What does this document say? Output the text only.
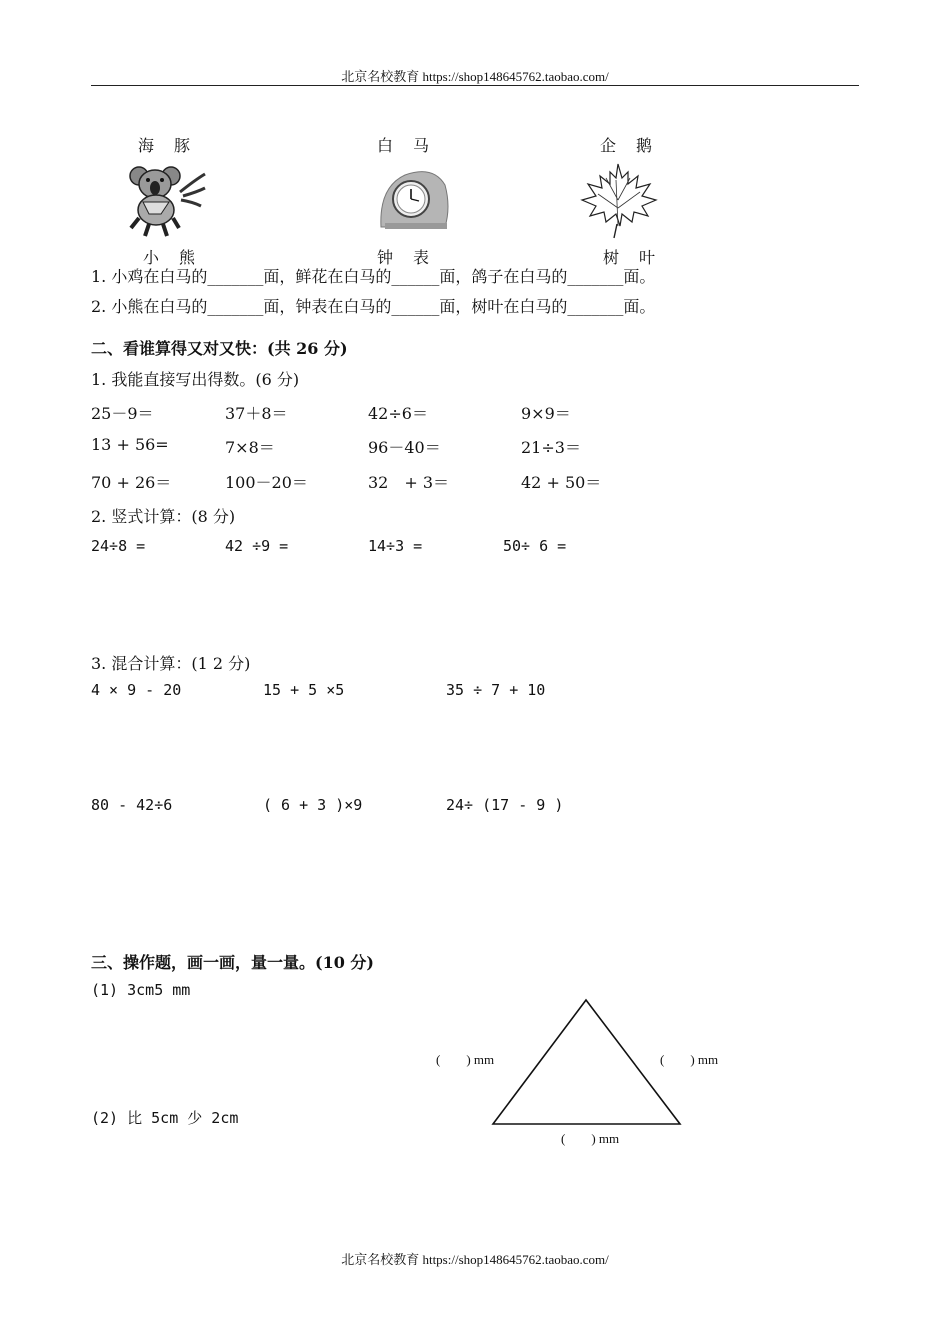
北京名校教育 https://shop148645762.taobao.com/
海　豚	白　马	企　鹅
小　熊	钟　表	树　叶
1. 小鸡在白马的_______面，鲜花在白马的______面，鸽子在白马的_______面。
2. 小熊在白马的_______面，钟表在白马的______面，树叶在白马的_______面。
二、看谁算得又对又快：(共 26 分)
1. 我能直接写出得数。(6 分)
25－9＝	37＋8＝	42÷6＝	9×9＝
13 + 56=	7×8＝	96－40＝	21÷3＝
70 + 26＝	100－20＝	32　+ 3＝	42 + 50＝
2. 竖式计算：(8 分)
24÷8 =	42 ÷9 =	14÷3 =	50÷ 6 =
3. 混合计算：(1 2 分)
4 × 9 - 20	15 + 5 ×5	35 ÷ 7 + 10
80 - 42÷6	( 6 + 3 )×9	24÷ (17 - 9 )
三、操作题，画一画，量一量。(10 分)
(1) 3cm5 mm
(2) 比 5cm 少 2cm
(　　) mm	(　　) mm
(　　) mm
北京名校教育 https://shop148645762.taobao.com/
